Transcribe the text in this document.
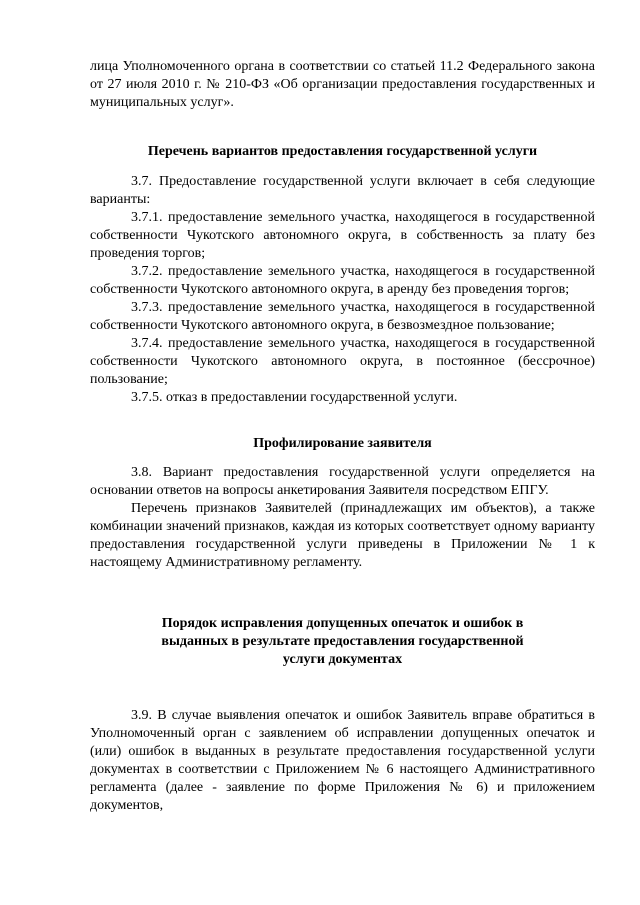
лица Уполномоченного органа в соответствии со статьей 11.2 Федерального закона от 27 июля 2010 г. № 210-ФЗ «Об организации предоставления государственных и муниципальных услуг».

Перечень вариантов предоставления государственной услуги

3.7. Предоставление государственной услуги включает в себя следующие варианты:

3.7.1. предоставление земельного участка, находящегося в государственной собственности Чукотского автономного округа, в собственность за плату без проведения торгов;

3.7.2. предоставление земельного участка, находящегося в государственной собственности Чукотского автономного округа, в аренду без проведения торгов;

3.7.3. предоставление земельного участка, находящегося в государственной собственности Чукотского автономного округа, в безвозмездное пользование;

3.7.4. предоставление земельного участка, находящегося в государственной собственности Чукотского автономного округа, в постоянное (бессрочное) пользование;

3.7.5. отказ в предоставлении государственной услуги.

Профилирование заявителя

3.8. Вариант предоставления государственной услуги определяется на основании ответов на вопросы анкетирования Заявителя посредством ЕПГУ.

Перечень признаков Заявителей (принадлежащих им объектов), а также комбинации значений признаков, каждая из которых соответствует одному варианту предоставления государственной услуги приведены в Приложении № 1 к настоящему Административному регламенту.

Порядок исправления допущенных опечаток и ошибок в выданных в результате предоставления государственной услуги документах

3.9. В случае выявления опечаток и ошибок Заявитель вправе обратиться в Уполномоченный орган с заявлением об исправлении допущенных опечаток и (или) ошибок в выданных в результате предоставления государственной услуги документах в соответствии с Приложением № 6 настоящего Административного регламента (далее - заявление по форме Приложения № 6) и приложением документов,
